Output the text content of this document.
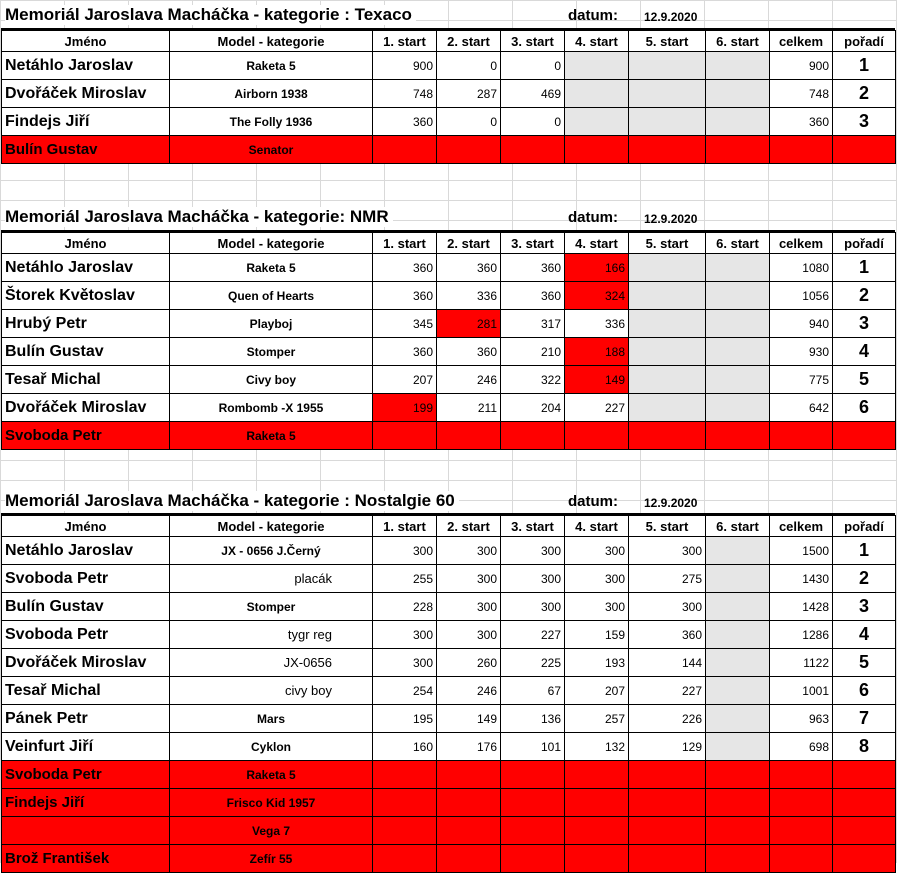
Memoriál Jaroslava Macháčka - kategorie : Texaco	datum: 12.9.2020
Jméno	Model - kategorie	1. start	2. start	3. start	4. start	5. start	6. start	celkem	pořadí
Netáhlo Jaroslav	Raketa 5	900	0	0				900	1
Dvořáček Miroslav	Airborn 1938	748	287	469				748	2
Findejs Jiří	The Folly 1936	360	0	0				360	3
Bulín Gustav	Senator								
Memoriál Jaroslava Macháčka - kategorie: NMR	datum: 12.9.2020
Jméno	Model - kategorie	1. start	2. start	3. start	4. start	5. start	6. start	celkem	pořadí
Netáhlo Jaroslav	Raketa 5	360	360	360	166			1080	1
Štorek Květoslav	Quen of Hearts	360	336	360	324			1056	2
Hrubý Petr	Playboj	345	281	317	336			940	3
Bulín Gustav	Stomper	360	360	210	188			930	4
Tesař Michal	Civy boy	207	246	322	149			775	5
Dvořáček Miroslav	Rombomb -X 1955	199	211	204	227			642	6
Svoboda Petr	Raketa 5								
Memoriál Jaroslava Macháčka - kategorie : Nostalgie 60	datum: 12.9.2020
Jméno	Model - kategorie	1. start	2. start	3. start	4. start	5. start	6. start	celkem	pořadí
Netáhlo Jaroslav	JX - 0656 J.Černý	300	300	300	300	300		1500	1
Svoboda Petr	placák	255	300	300	300	275		1430	2
Bulín Gustav	Stomper	228	300	300	300	300		1428	3
Svoboda Petr	tygr reg	300	300	227	159	360		1286	4
Dvořáček Miroslav	JX-0656	300	260	225	193	144		1122	5
Tesař Michal	civy boy	254	246	67	207	227		1001	6
Pánek Petr	Mars	195	149	136	257	226		963	7
Veinfurt Jiří	Cyklon	160	176	101	132	129		698	8
Svoboda Petr	Raketa 5								
Findejs Jiří	Frisco Kid 1957								
	Vega 7								
Brož František	Zefír 55								
